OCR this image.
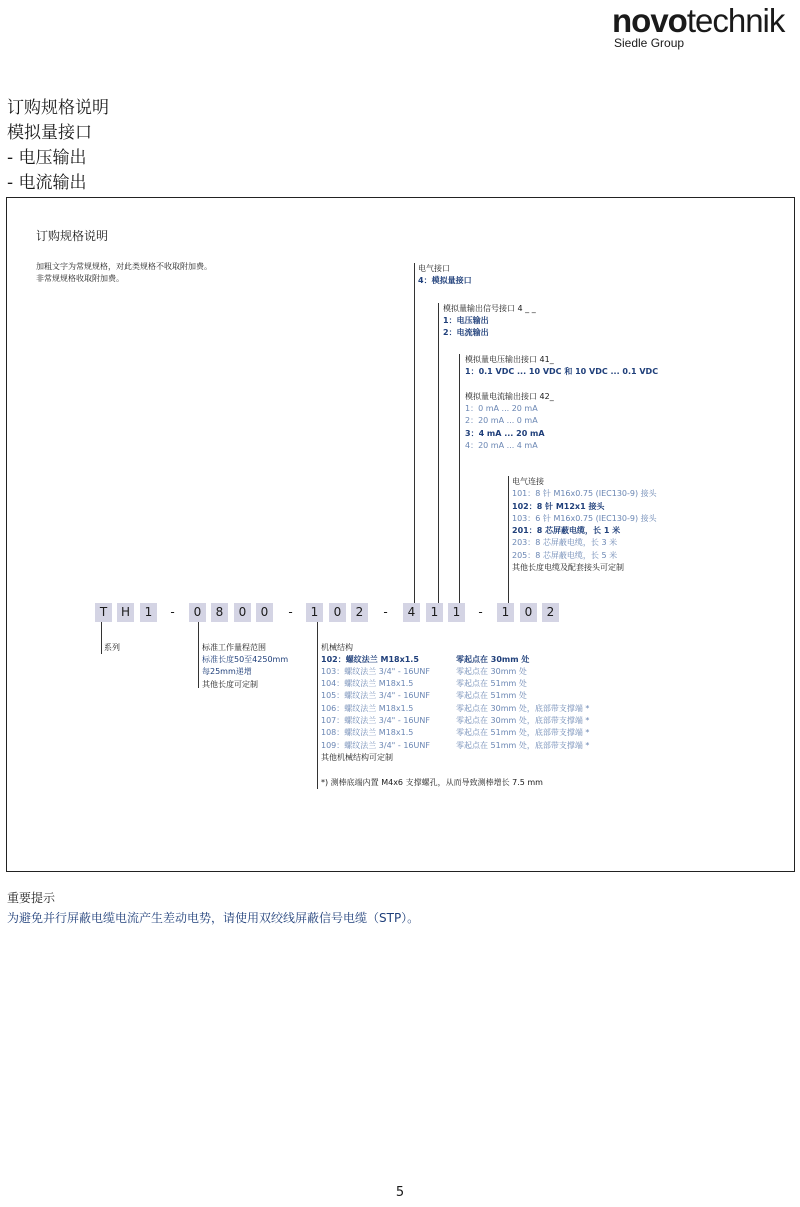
novotechnik
Siedle Group
订购规格说明
模拟量接口
- 电压输出
- 电流输出
订购规格说明
加粗文字为常规规格，对此类规格不收取附加费。
非常规规格收取附加费。
电气接口
4：模拟量接口
模拟量输出信号接口 4 _ _
1：电压输出
2：电流输出
模拟量电压输出接口 41_
1：0.1 VDC ... 10 VDC 和 10 VDC ... 0.1 VDC
模拟量电流输出接口 42_
1：0 mA ... 20 mA
2：20 mA ... 0 mA
3：4 mA ... 20 mA
4：20 mA ... 4 mA
电气连接
101：8 针 M16x0.75 (IEC130-9) 接头
102：8 针 M12x1 接头
103：6 针 M16x0.75 (IEC130-9) 接头
201：8 芯屏蔽电缆，长 1 米
203：8 芯屏蔽电缆，长 3 米
205：8 芯屏蔽电缆，长 5 米
其他长度电缆及配套接头可定制
T	H	1	-	0	8	0	0	-	1	0	2	-	4	1	1	-	1	0	2
系列	标准工作量程范围
标准长度50至4250mm
每25mm递增
其他长度可定制
机械结构
102：螺纹法兰 M18x1.5	零起点在 30mm 处
103：螺纹法兰 3/4" - 16UNF	零起点在 30mm 处
104：螺纹法兰 M18x1.5	零起点在 51mm 处
105：螺纹法兰 3/4" - 16UNF	零起点在 51mm 处
106：螺纹法兰 M18x1.5	零起点在 30mm 处，底部带支撑端 *
107：螺纹法兰 3/4" - 16UNF	零起点在 30mm 处，底部带支撑端 *
108：螺纹法兰 M18x1.5	零起点在 51mm 处，底部带支撑端 *
109：螺纹法兰 3/4" - 16UNF	零起点在 51mm 处，底部带支撑端 *
其他机械结构可定制
*) 测棒底端内置 M4x6 支撑螺孔，从而导致测棒增长 7.5 mm
重要提示
为避免并行屏蔽电缆电流产生差动电势，请使用双绞线屏蔽信号电缆（STP）。
5
